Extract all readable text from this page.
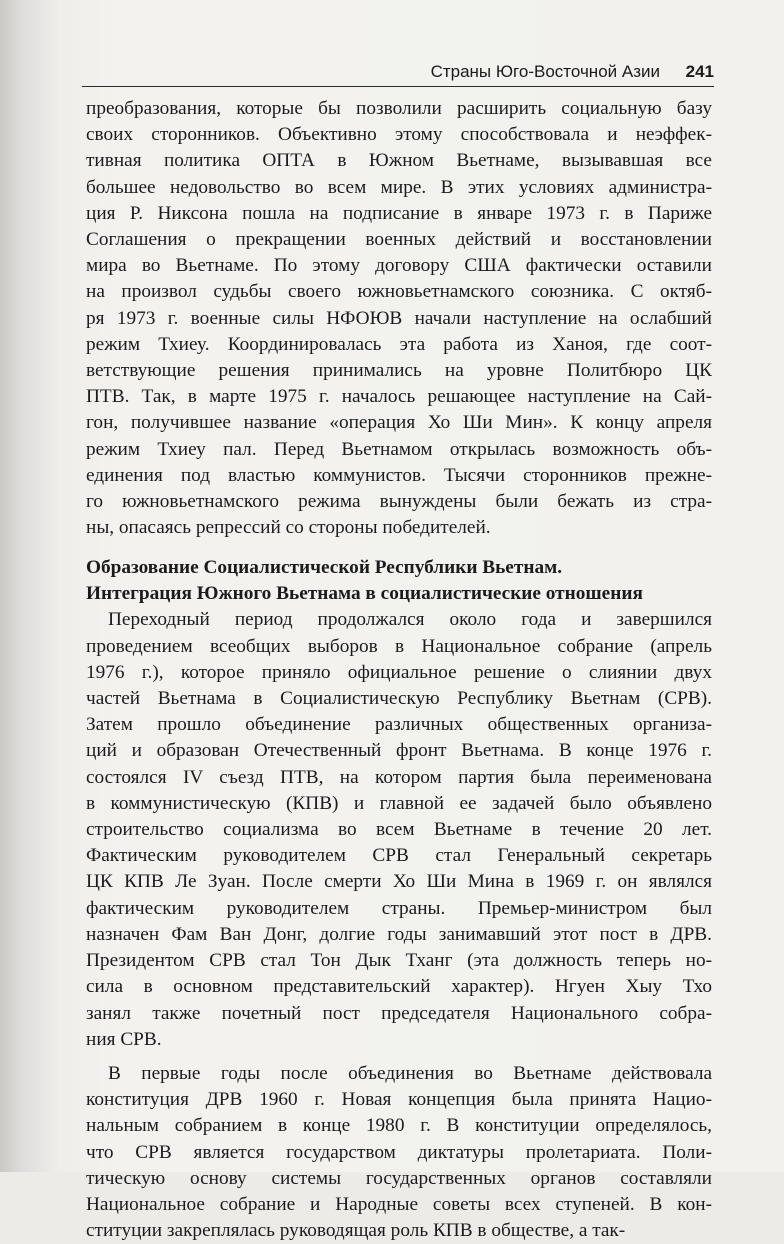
Страны Юго-Восточной Азии 241

преобразования, которые бы позволили расширить социальную базу
своих сторонников. Объективно этому способствовала и неэффек-
тивная политика ОПТА в Южном Вьетнаме, вызывавшая все
большее недовольство во всем мире. В этих условиях администра-
ция Р. Никсона пошла на подписание в январе 1973 г. в Париже
Соглашения о прекращении военных действий и восстановлении
мира во Вьетнаме. По этому договору США фактически оставили
на произвол судьбы своего южновьетнамского союзника. С октяб-
ря 1973 г. военные силы НФОЮВ начали наступление на ослабший
режим Тхиеу. Координировалась эта работа из Ханоя, где соот-
ветствующие решения принимались на уровне Политбюро ЦК
ПТВ. Так, в марте 1975 г. началось решающее наступление на Сай-
гон, получившее название «операция Хо Ши Мин». К концу апреля
режим Тхиеу пал. Перед Вьетнамом открылась возможность объ-
единения под властью коммунистов. Тысячи сторонников прежне-
го южновьетнамского режима вынуждены были бежать из стра-
ны, опасаясь репрессий со стороны победителей.

Образование Социалистической Республики Вьетнам.
Интеграция Южного Вьетнама в социалистические отношения

Переходный период продолжался около года и завершился
проведением всеобщих выборов в Национальное собрание (апрель
1976 г.), которое приняло официальное решение о слиянии двух
частей Вьетнама в Социалистическую Республику Вьетнам (СРВ).
Затем прошло объединение различных общественных организа-
ций и образован Отечественный фронт Вьетнама. В конце 1976 г.
состоялся IV съезд ПТВ, на котором партия была переименована
в коммунистическую (КПВ) и главной ее задачей было объявлено
строительство социализма во всем Вьетнаме в течение 20 лет.
Фактическим руководителем СРВ стал Генеральный секретарь
ЦК КПВ Ле Зуан. После смерти Хо Ши Мина в 1969 г. он являлся
фактическим руководителем страны. Премьер-министром был
назначен Фам Ван Донг, долгие годы занимавший этот пост в ДРВ.
Президентом СРВ стал Тон Дык Тханг (эта должность теперь но-
сила в основном представительский характер). Нгуен Хыу Тхо
занял также почетный пост председателя Национального собра-
ния СРВ.

В первые годы после объединения во Вьетнаме действовала
конституция ДРВ 1960 г. Новая концепция была принята Нацио-
нальным собранием в конце 1980 г. В конституции определялось,
что СРВ является государством диктатуры пролетариата. Поли-
тическую основу системы государственных органов составляли
Национальное собрание и Народные советы всех ступеней. В кон-
ституции закреплялась руководящая роль КПВ в обществе, а так-
